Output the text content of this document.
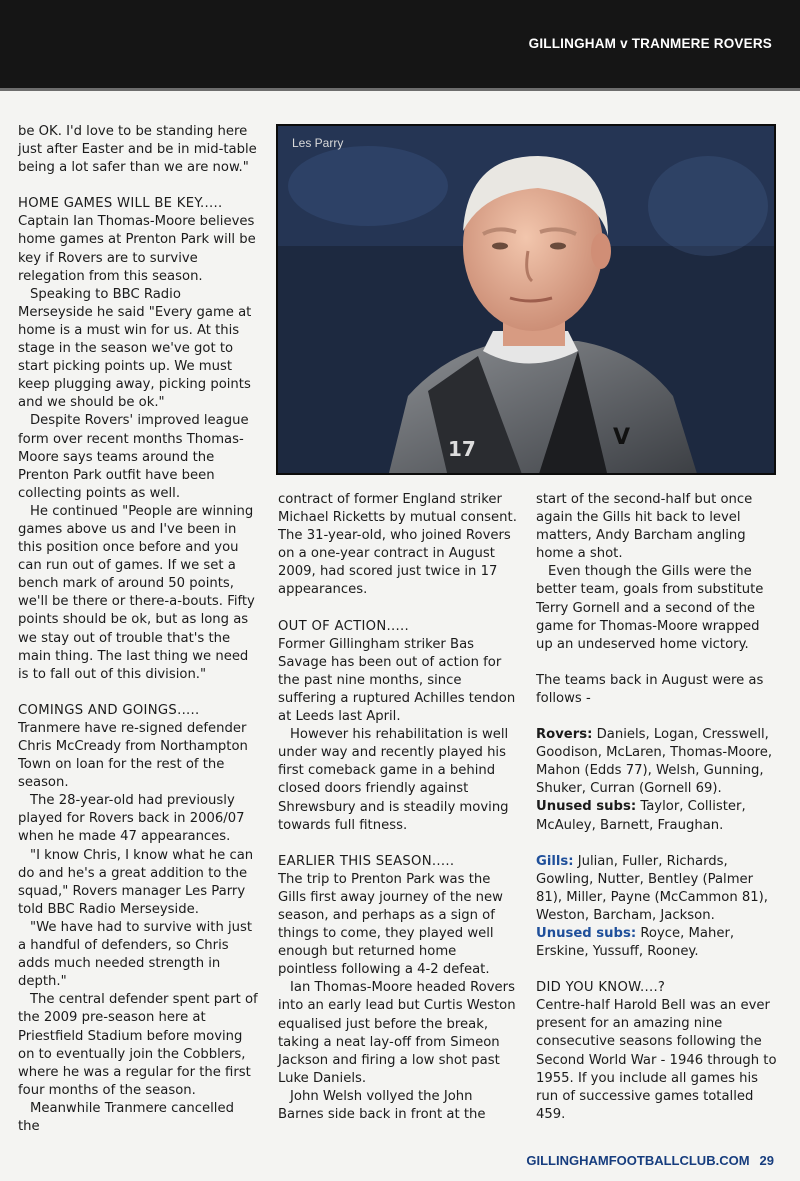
GILLINGHAM v TRANMERE ROVERS
V
17
Les Parry

be OK. I'd love to be standing here just after Easter and be in mid-table being a lot safer than we are now."

HOME GAMES WILL BE KEY.....

Captain Ian Thomas-Moore believes home games at Prenton Park will be key if Rovers are to survive relegation from this season.

Speaking to BBC Radio Merseyside he said "Every game at home is a must win for us. At this stage in the season we've got to start picking points up. We must keep plugging away, picking points and we should be ok."

Despite Rovers' improved league form over recent months Thomas-Moore says teams around the Prenton Park outfit have been collecting points as well.

He continued "People are winning games above us and I've been in this position once before and you can run out of games. If we set a bench mark of around 50 points, we'll be there or there-a-bouts. Fifty points should be ok, but as long as we stay out of trouble that's the main thing. The last thing we need is to fall out of this division."

COMINGS AND GOINGS.....

Tranmere have re-signed defender Chris McCready from Northampton Town on loan for the rest of the season.

The 28-year-old had previously played for Rovers back in 2006/07 when he made 47 appearances.

"I know Chris, I know what he can do and he's a great addition to the squad," Rovers manager Les Parry told BBC Radio Merseyside.

"We have had to survive with just a handful of defenders, so Chris adds much needed strength in depth."

The central defender spent part of the 2009 pre-season here at Priestfield Stadium before moving on to eventually join the Cobblers, where he was a regular for the first four months of the season.

Meanwhile Tranmere cancelled the

contract of former England striker Michael Ricketts by mutual consent. The 31-year-old, who joined Rovers on a one-year contract in August 2009, had scored just twice in 17 appearances.

OUT OF ACTION.....

Former Gillingham striker Bas Savage has been out of action for the past nine months, since suffering a ruptured Achilles tendon at Leeds last April.

However his rehabilitation is well under way and recently played his first comeback game in a behind closed doors friendly against Shrewsbury and is steadily moving towards full fitness.

EARLIER THIS SEASON.....

The trip to Prenton Park was the Gills first away journey of the new season, and perhaps as a sign of things to come, they played well enough but returned home pointless following a 4-2 defeat.

Ian Thomas-Moore headed Rovers into an early lead but Curtis Weston equalised just before the break, taking a neat lay-off from Simeon Jackson and firing a low shot past Luke Daniels.

John Welsh vollyed the John Barnes side back in front at the

start of the second-half but once again the Gills hit back to level matters, Andy Barcham angling home a shot.

Even though the Gills were the better team, goals from substitute Terry Gornell and a second of the game for Thomas-Moore wrapped up an undeserved home victory.

The teams back in August were as follows -

Rovers: Daniels, Logan, Cresswell, Goodison, McLaren, Thomas-Moore, Mahon (Edds 77), Welsh, Gunning, Shuker, Curran (Gornell 69).

Unused subs: Taylor, Collister, McAuley, Barnett, Fraughan.

Gills: Julian, Fuller, Richards, Gowling, Nutter, Bentley (Palmer 81), Miller, Payne (McCammon 81), Weston, Barcham, Jackson.

Unused subs: Royce, Maher, Erskine, Yussuff, Rooney.

DID YOU KNOW....?

Centre-half Harold Bell was an ever present for an amazing nine consecutive seasons following the Second World War - 1946 through to 1955. If you include all games his run of successive games totalled 459.

GILLINGHAMFOOTBALLCLUB.COM 29
